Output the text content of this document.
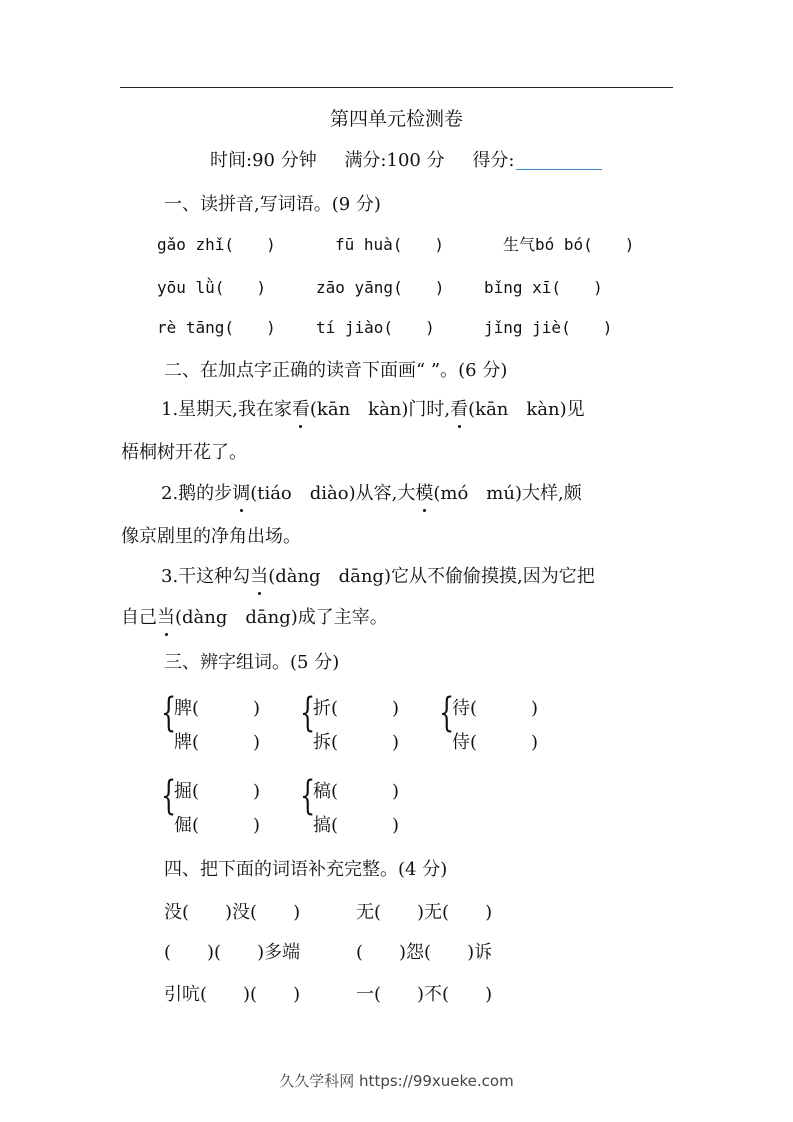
第四单元检测卷
时间:90 分钟 满分:100 分 得分:
一、读拼音,写词语。(9 分)
gǎo zhǐ(　　)	fū huà(　　)	生气bó bó(　　)
yōu lǜ(　　)	zāo yāng(　　) bǐng xī(　　)
rè tāng(　　)	tí jiào(　　)	jǐng jiè(　　)
二、在加点字正确的读音下面画“ ”。(6 分)
1.星期天,我在家看(kān　kàn)门时,看(kān　kàn)见
梧桐树开花了。
2.鹅的步调(tiáo　diào)从容,大模(mó　mú)大样,颇
像京剧里的净角出场。
3.干这种勾当(dàng　dāng)它从不偷偷摸摸,因为它把
自己当(dàng　dāng)成了主宰。
三、辨字组词。(5 分)
{
脾(　　　)
牌(　　　)
{
折(　　　)
拆(　　　)
{
待(　　　)
侍(　　　)
{
掘(　　　)
倔(　　　)
{
稿(　　　)
搞(　　　)
四、把下面的词语补充完整。(4 分)
没(　　)没(　　)	无(　　)无(　　)
(　　)(　　)多端	(　　)怨(　　)诉
引吭(　　)(　　)	一(　　)不(　　)
久久学科网 https://99xueke.com
